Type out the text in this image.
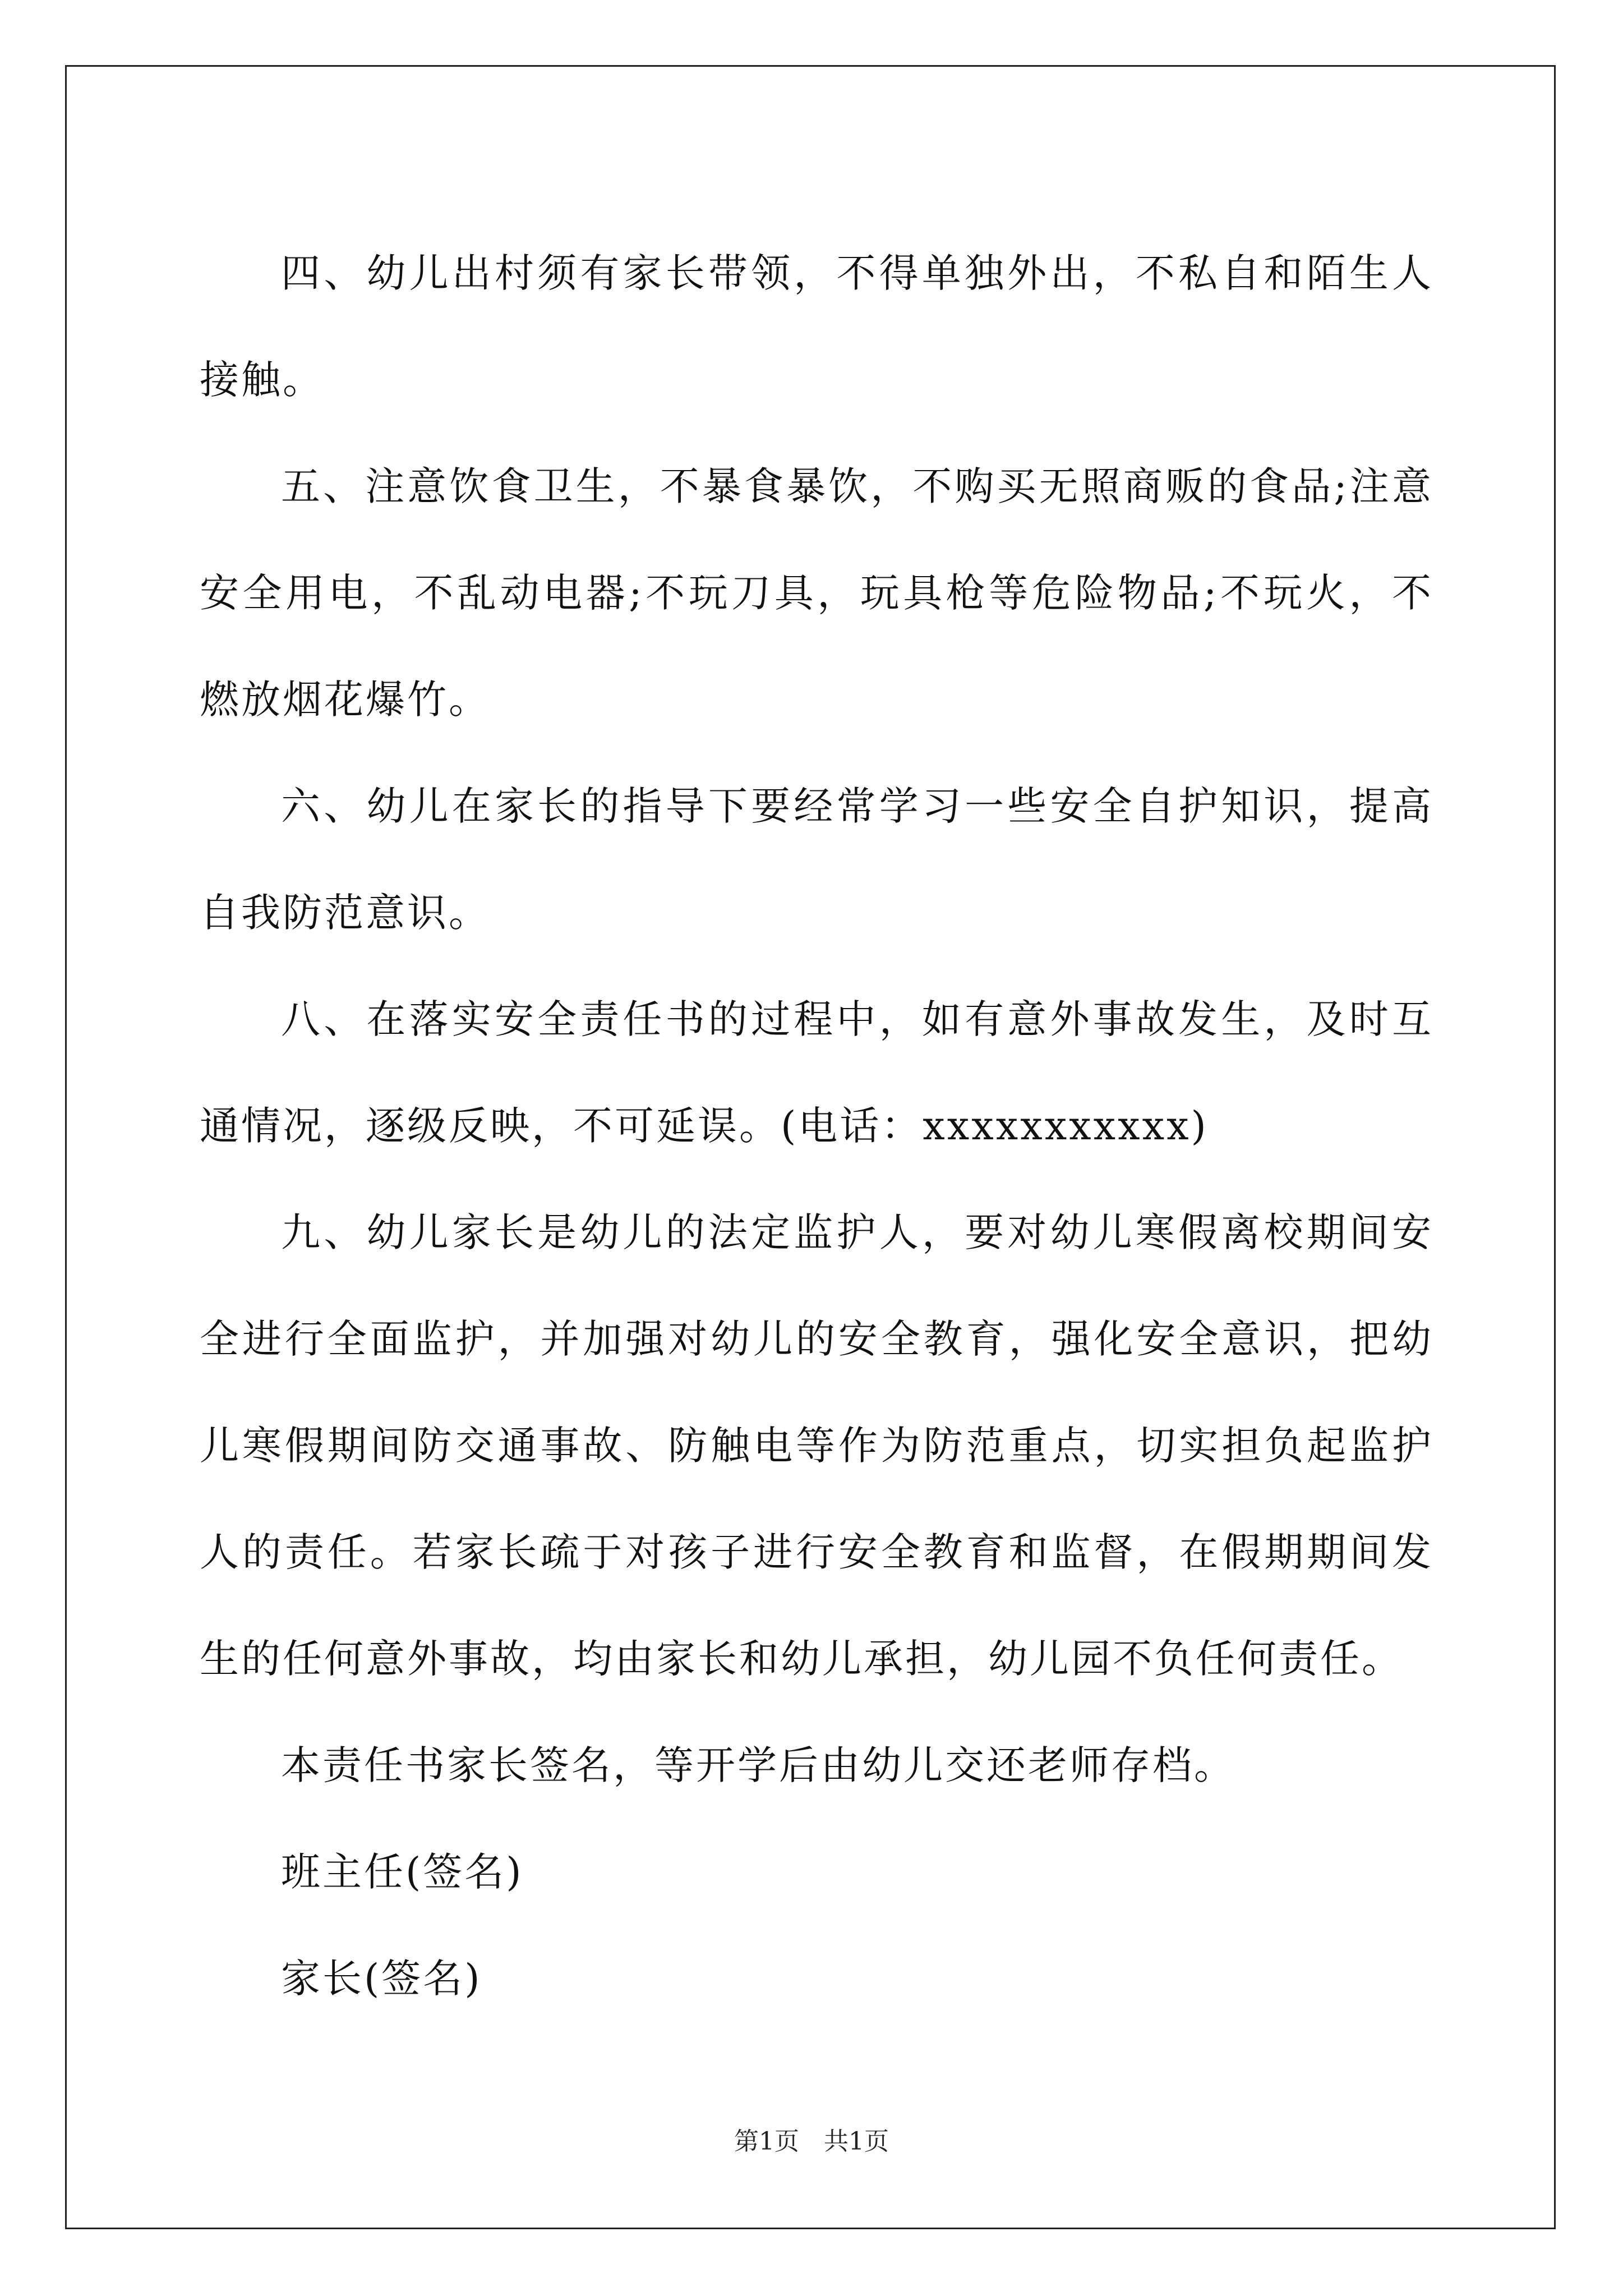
四、幼儿出村须有家长带领，不得单独外出，不私自和陌生人接触。

五、注意饮食卫生，不暴食暴饮，不购买无照商贩的食品;注意安全用电，不乱动电器;不玩刀具，玩具枪等危险物品;不玩火，不燃放烟花爆竹。

六、幼儿在家长的指导下要经常学习一些安全自护知识，提高自我防范意识。

八、在落实安全责任书的过程中，如有意外事故发生，及时互通情况，逐级反映，不可延误。(电话：xxxxxxxxxxx)

九、幼儿家长是幼儿的法定监护人，要对幼儿寒假离校期间安全进行全面监护，并加强对幼儿的安全教育，强化安全意识，把幼儿寒假期间防交通事故、防触电等作为防范重点，切实担负起监护人的责任。若家长疏于对孩子进行安全教育和监督，在假期期间发生的任何意外事故，均由家长和幼儿承担，幼儿园不负任何责任。

本责任书家长签名，等开学后由幼儿交还老师存档。

班主任(签名)

家长(签名)

第1页　共1页
